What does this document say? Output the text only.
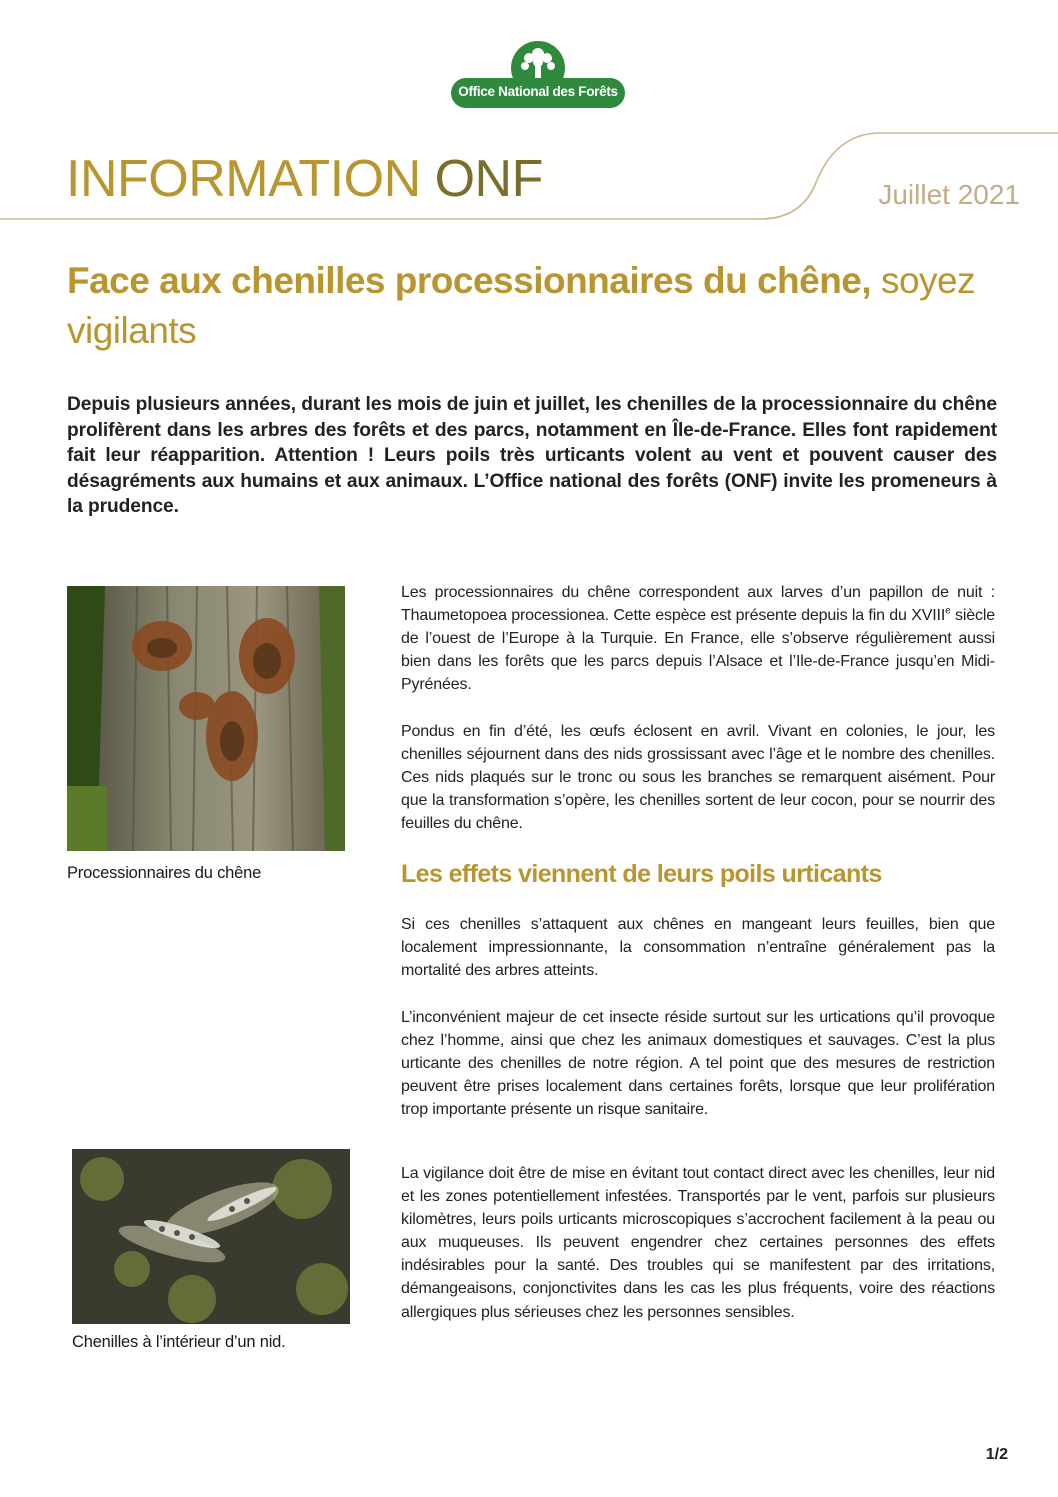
Office National des Forêts
INFORMATION ONF	Juillet 2021
Face aux chenilles processionnaires du chêne, soyez vigilants
Depuis plusieurs années, durant les mois de juin et juillet, les chenilles de la processionnaire du chêne prolifèrent dans les arbres des forêts et des parcs, notamment en Île-de-France. Elles font rapidement fait leur réapparition. Attention ! Leurs poils très urticants volent au vent et pouvent causer des désagréments aux humains et aux animaux. L’Office national des forêts (ONF) invite les promeneurs à la prudence.
Processionnaires du chêne
Chenilles à l’intérieur d’un nid.

Les processionnaires du chêne correspondent aux larves d’un papillon de nuit : Thaumetopoea processionea. Cette espèce est présente depuis la fin du XVIIIe siècle de l’ouest de l’Europe à la Turquie. En France, elle s’observe régulièrement aussi bien dans les forêts que les parcs depuis l’Alsace et l’Ile-de-France jusqu’en Midi-Pyrénées.

Pondus en fin d’été, les œufs éclosent en avril. Vivant en colonies, le jour, les chenilles séjournent dans des nids grossissant avec l’âge et le nombre des chenilles. Ces nids plaqués sur le tronc ou sous les branches se remarquent aisément. Pour que la transformation s’opère, les chenilles sortent de leur cocon, pour se nourrir des feuilles du chêne.
Les effets viennent de leurs poils urticants
Si ces chenilles s’attaquent aux chênes en mangeant leurs feuilles, bien que localement impressionnante, la consommation n’entraîne généralement pas la mortalité des arbres atteints.
L’inconvénient majeur de cet insecte réside surtout sur les urtications qu’il provoque chez l’homme, ainsi que chez les animaux domestiques et sauvages. C’est la plus urticante des chenilles de notre région. A tel point que des mesures de restriction peuvent être prises localement dans certaines forêts, lorsque que leur prolifération trop importante présente un risque sanitaire.
La vigilance doit être de mise en évitant tout contact direct avec les chenilles, leur nid et les zones potentiellement infestées. Transportés par le vent, parfois sur plusieurs kilomètres, leurs poils urticants microscopiques s’accrochent facilement à la peau ou aux muqueuses. Ils peuvent engendrer chez certaines personnes des effets indésirables pour la santé. Des troubles qui se manifestent par des irritations, démangeaisons, conjonctivites dans les cas les plus fréquents, voire des réactions allergiques plus sérieuses chez les personnes sensibles.
1/2
